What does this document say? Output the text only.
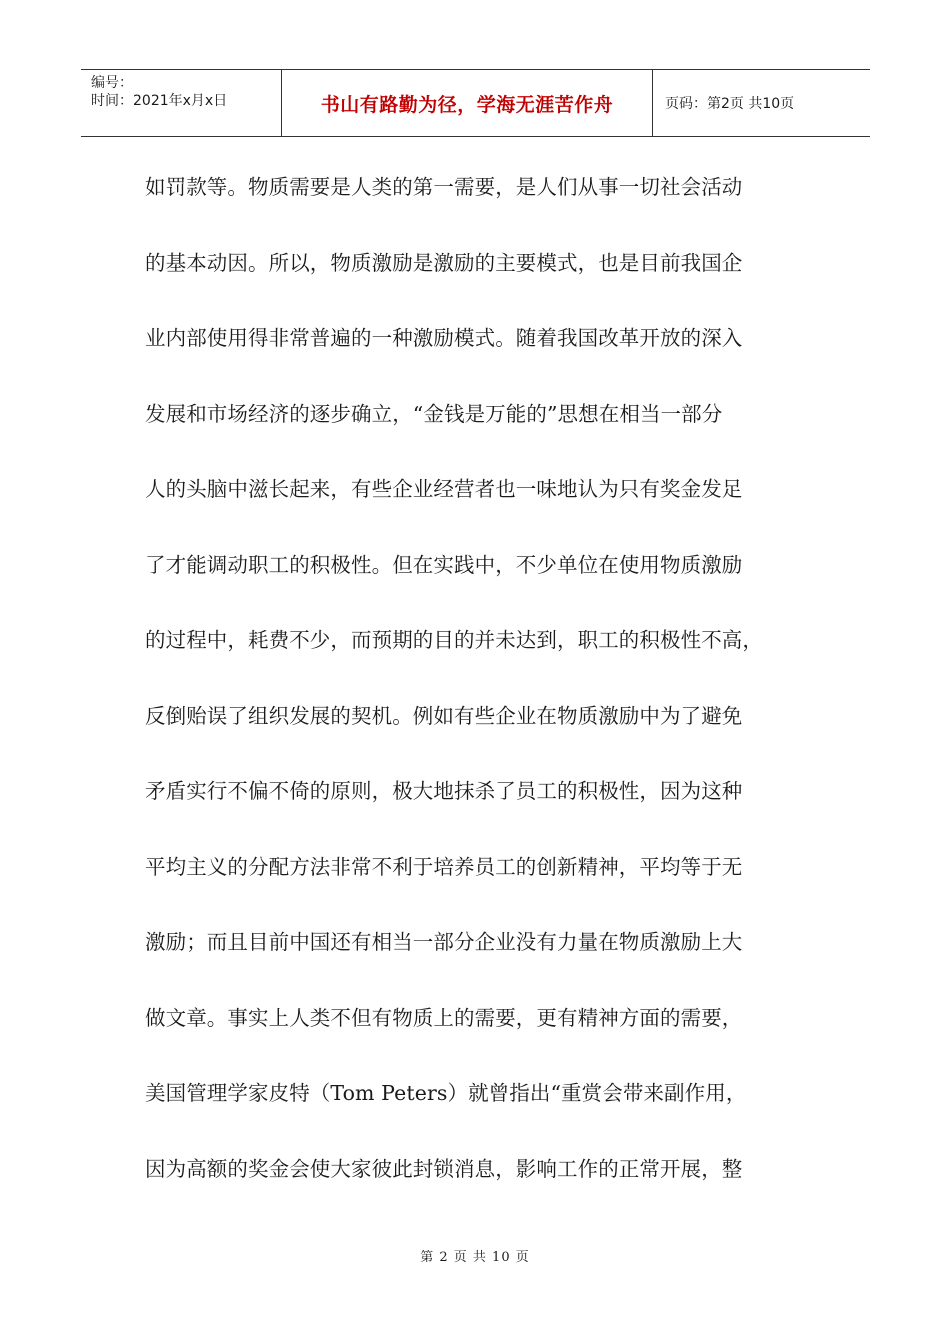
编号：
时间：2021年x月x日	书山有路勤为径，学海无涯苦作舟	页码：第2页 共10页
如罚款等。物质需要是人类的第一需要，是人们从事一切社会活动
的基本动因。所以，物质激励是激励的主要模式，也是目前我国企
业内部使用得非常普遍的一种激励模式。随着我国改革开放的深入
发展和市场经济的逐步确立，“金钱是万能的”思想在相当一部分
人的头脑中滋长起来，有些企业经营者也一味地认为只有奖金发足
了才能调动职工的积极性。但在实践中，不少单位在使用物质激励
的过程中，耗费不少，而预期的目的并未达到，职工的积极性不高，
反倒贻误了组织发展的契机。例如有些企业在物质激励中为了避免
矛盾实行不偏不倚的原则，极大地抹杀了员工的积极性，因为这种
平均主义的分配方法非常不利于培养员工的创新精神，平均等于无
激励；而且目前中国还有相当一部分企业没有力量在物质激励上大
做文章。事实上人类不但有物质上的需要，更有精神方面的需要，
美国管理学家皮特（Tom Peters）就曾指出“重赏会带来副作用，
因为高额的奖金会使大家彼此封锁消息，影响工作的正常开展，整
第 2 页 共 10 页
